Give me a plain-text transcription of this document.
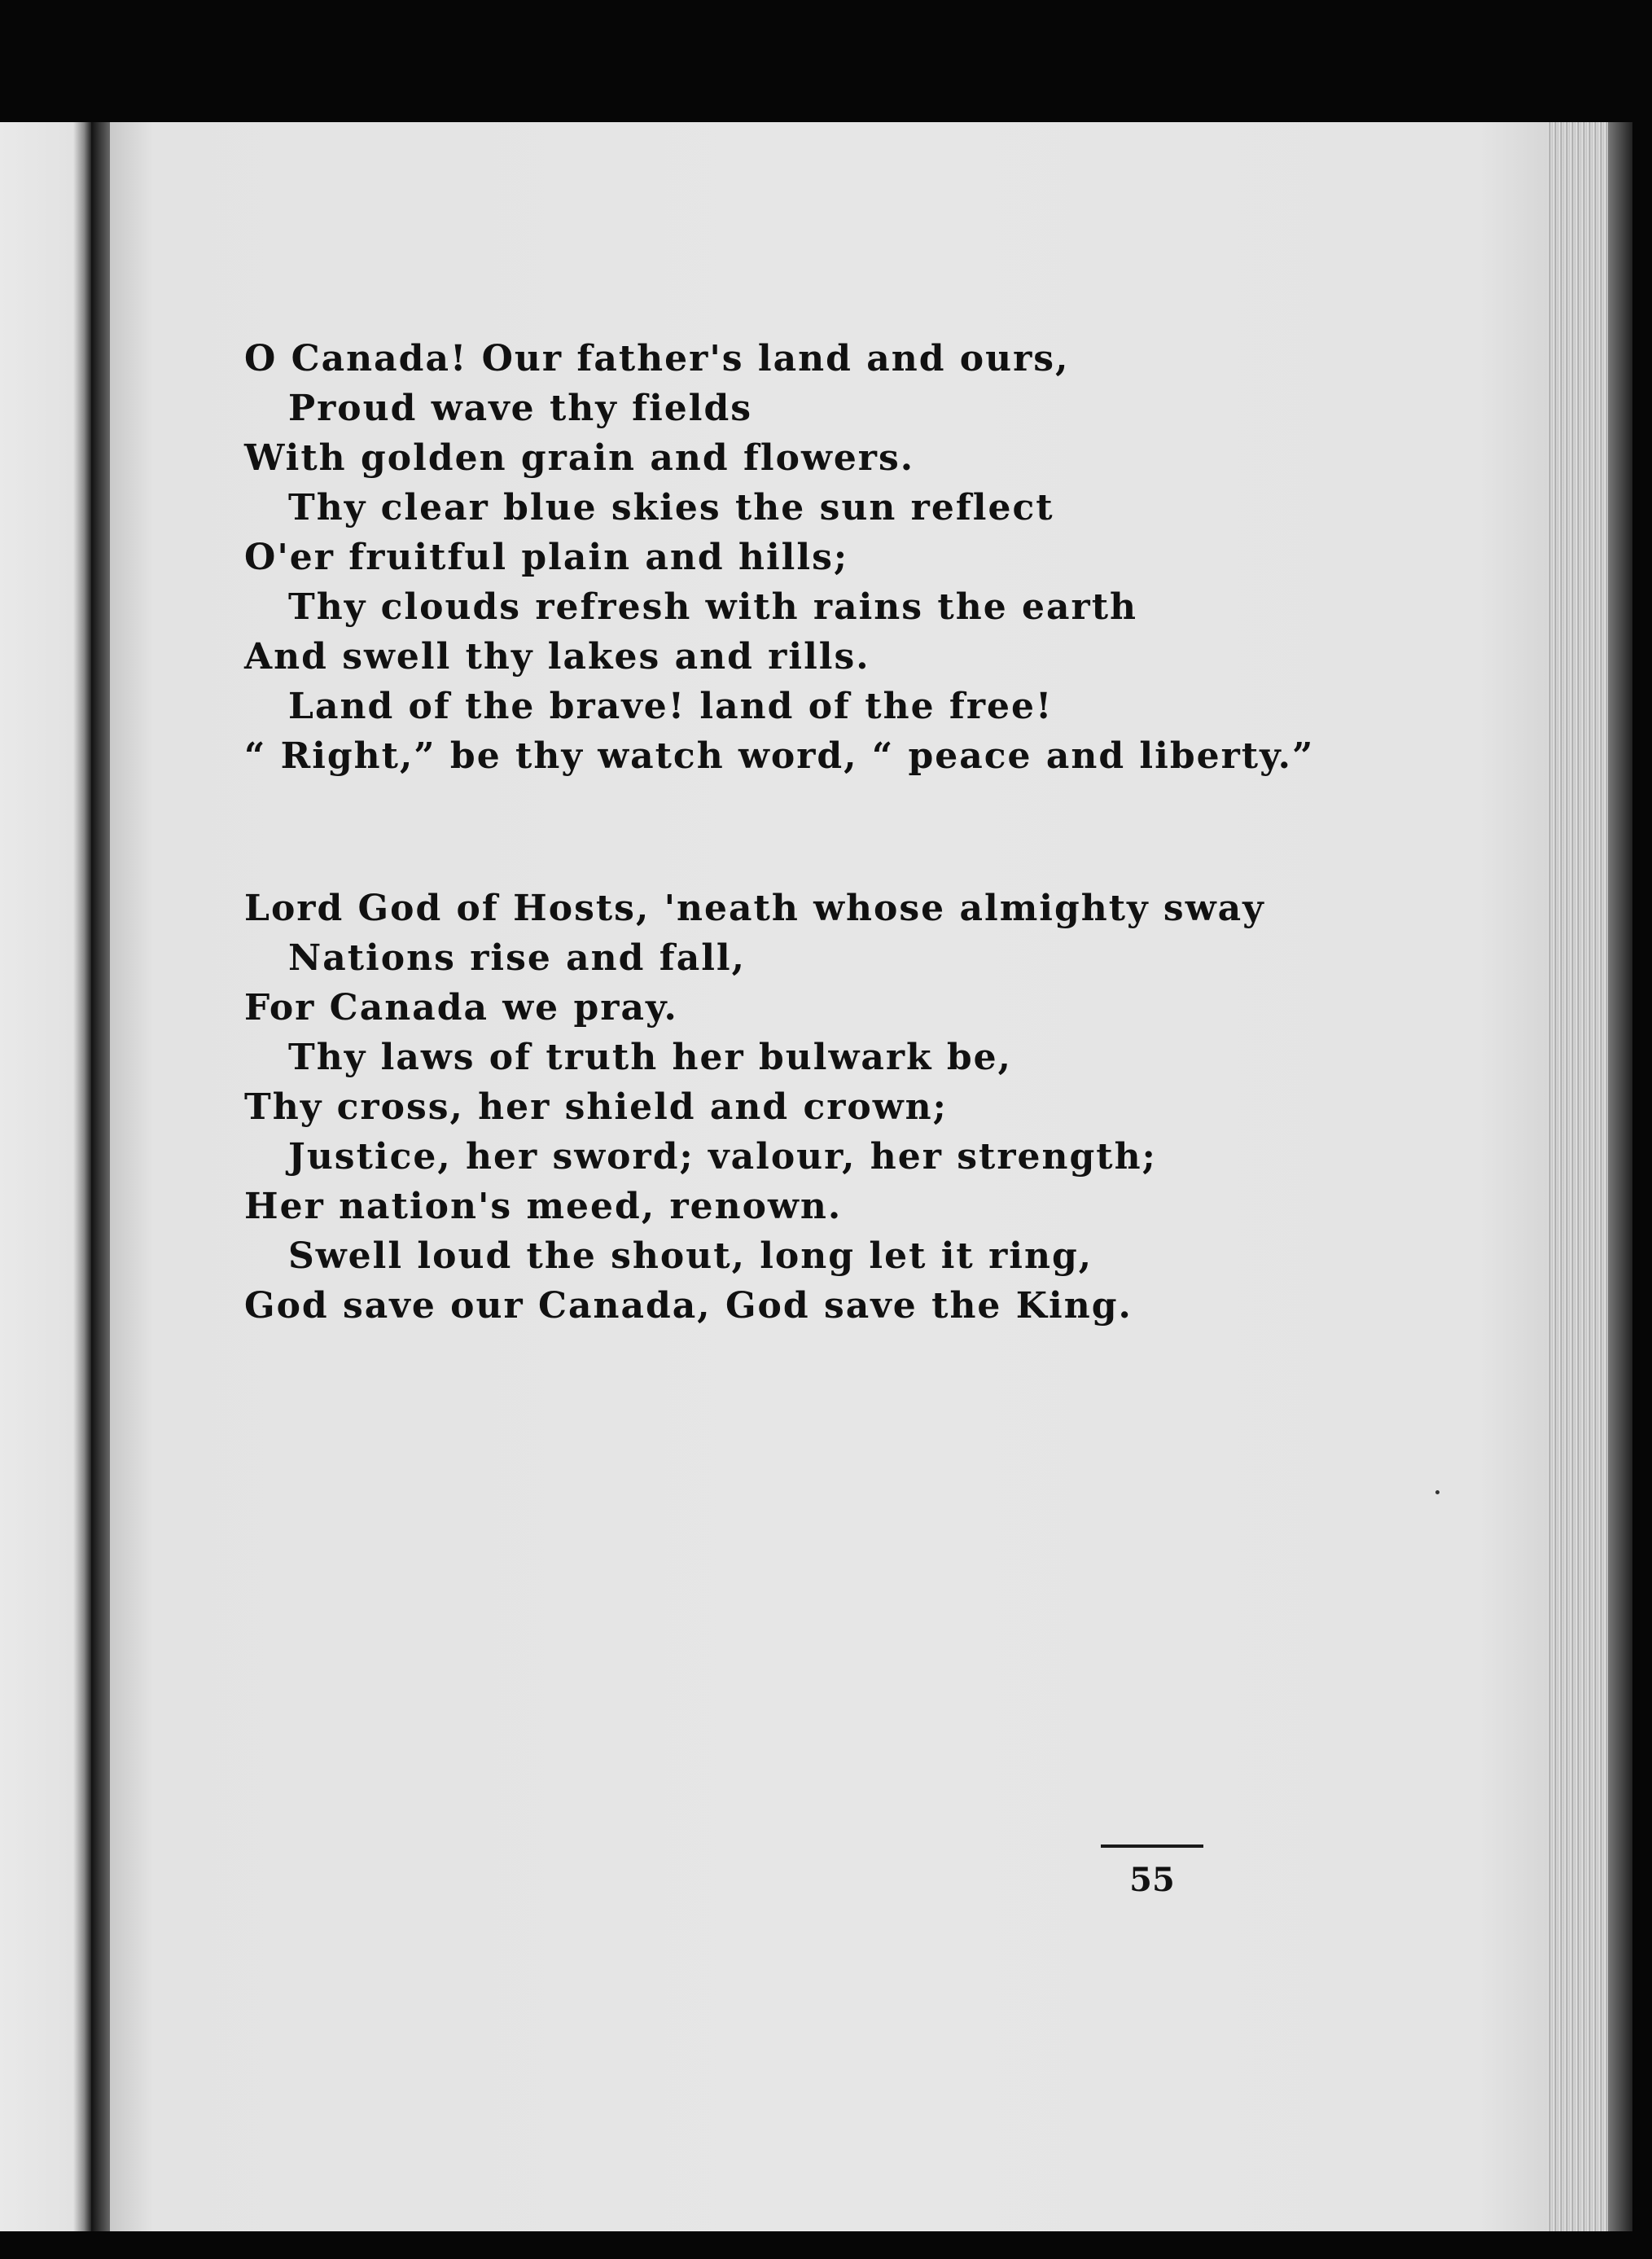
O Canada! Our father's land and ours,
Proud wave thy fields
With golden grain and flowers.
Thy clear blue skies the sun reflect
O'er fruitful plain and hills;
Thy clouds refresh with rains the earth
And swell thy lakes and rills.
Land of the brave! land of the free!
“ Right,” be thy watch word, “ peace and liberty.”
Lord God of Hosts, 'neath whose almighty sway
Nations rise and fall,
For Canada we pray.
Thy laws of truth her bulwark be,
Thy cross, her shield and crown;
Justice, her sword; valour, her strength;
Her nation's meed, renown.
Swell loud the shout, long let it ring,
God save our Canada, God save the King.
55
